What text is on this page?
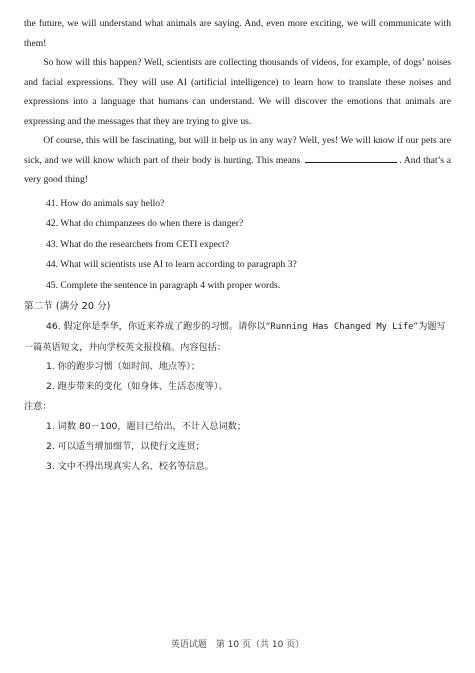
the future, we will understand what animals are saying. And, even more exciting, we will communicate with them!

So how will this happen? Well, scientists are collecting thousands of videos, for example, of dogs’ noises and facial expressions. They will use AI (artificial intelligence) to learn how to translate these noises and expressions into a language that humans can understand. We will discover the emotions that animals are expressing and the messages that they are trying to give us.

Of course, this will be fascinating, but will it help us in any way? Well, yes! We will know if our pets are sick, and we will know which part of their body is hurting. This means	. And that’s a very good thing!

41. How do animals say hello?

42. What do chimpanzees do when there is danger?

43. What do the researchers from CETI expect?

44. What will scientists use AI to learn according to paragraph 3?

45. Complete the sentence in paragraph 4 with proper words.

第二节 (满分 20 分)

46. 假定你是李华，你近来养成了跑步的习惯。请你以“Running Has Changed My Life”为题写一篇英语短文，并向学校英文报投稿。内容包括：

1. 你的跑步习惯（如时间、地点等）；

2. 跑步带来的变化（如身体、生活态度等）。

注意：

1. 词数 80－100，题目已给出，不计入总词数；

2. 可以适当增加细节，以使行文连贯；

3. 文中不得出现真实人名、校名等信息。

英语试题　第 10 页（共 10 页）
